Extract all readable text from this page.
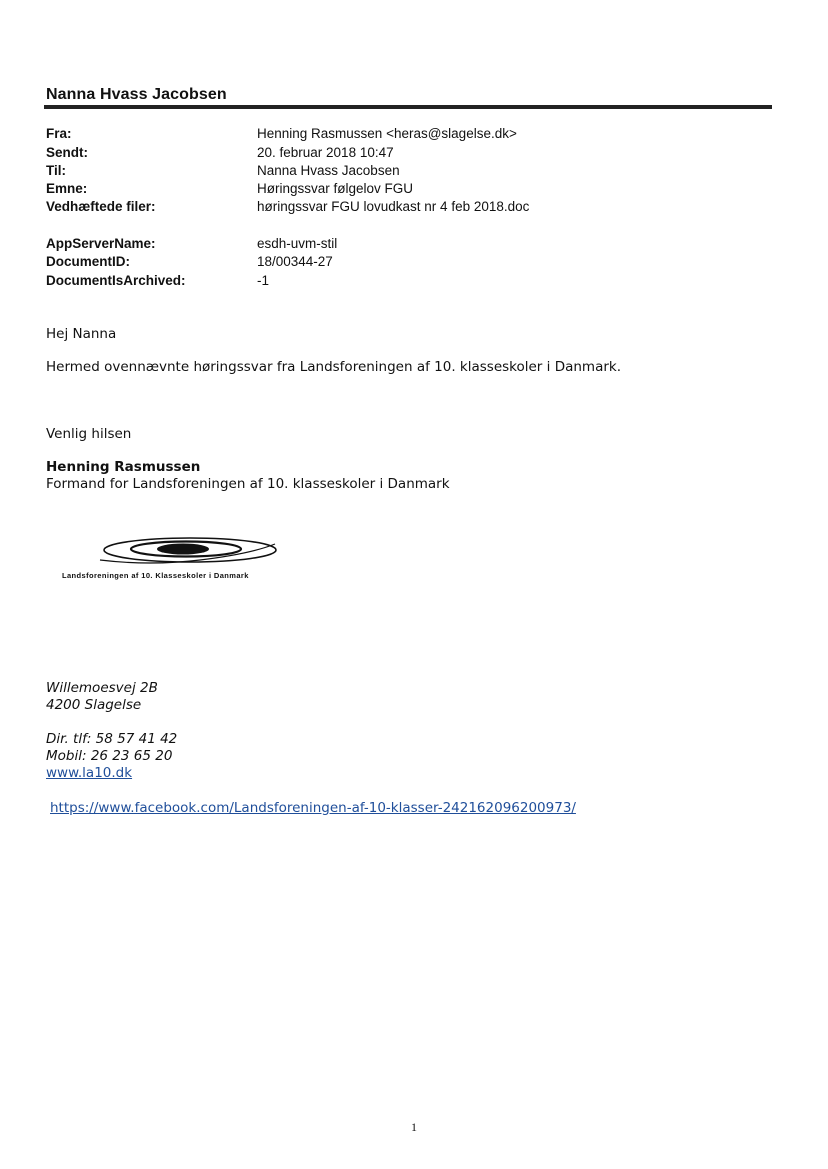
Nanna Hvass Jacobsen
Fra:	Henning Rasmussen <heras@slagelse.dk>
Sendt:	20. februar 2018 10:47
Til:	Nanna Hvass Jacobsen
Emne:	Høringssvar følgelov FGU
Vedhæftede filer:	høringssvar FGU lovudkast nr 4 feb 2018.doc
AppServerName:	esdh-uvm-stil
DocumentID:	18/00344-27
DocumentIsArchived:	-1
Hej Nanna
Hermed ovennævnte høringssvar fra Landsforeningen af 10. klasseskoler i Danmark.
Venlig hilsen
Henning Rasmussen
Formand for Landsforeningen af 10. klasseskoler i Danmark
Landsforeningen af 10. Klasseskoler i Danmark
Willemoesvej 2B
4200 Slagelse
Dir. tlf: 58 57 41 42
Mobil: 26 23 65 20
www.la10.dk
https://www.facebook.com/Landsforeningen-af-10-klasser-242162096200973/
1
